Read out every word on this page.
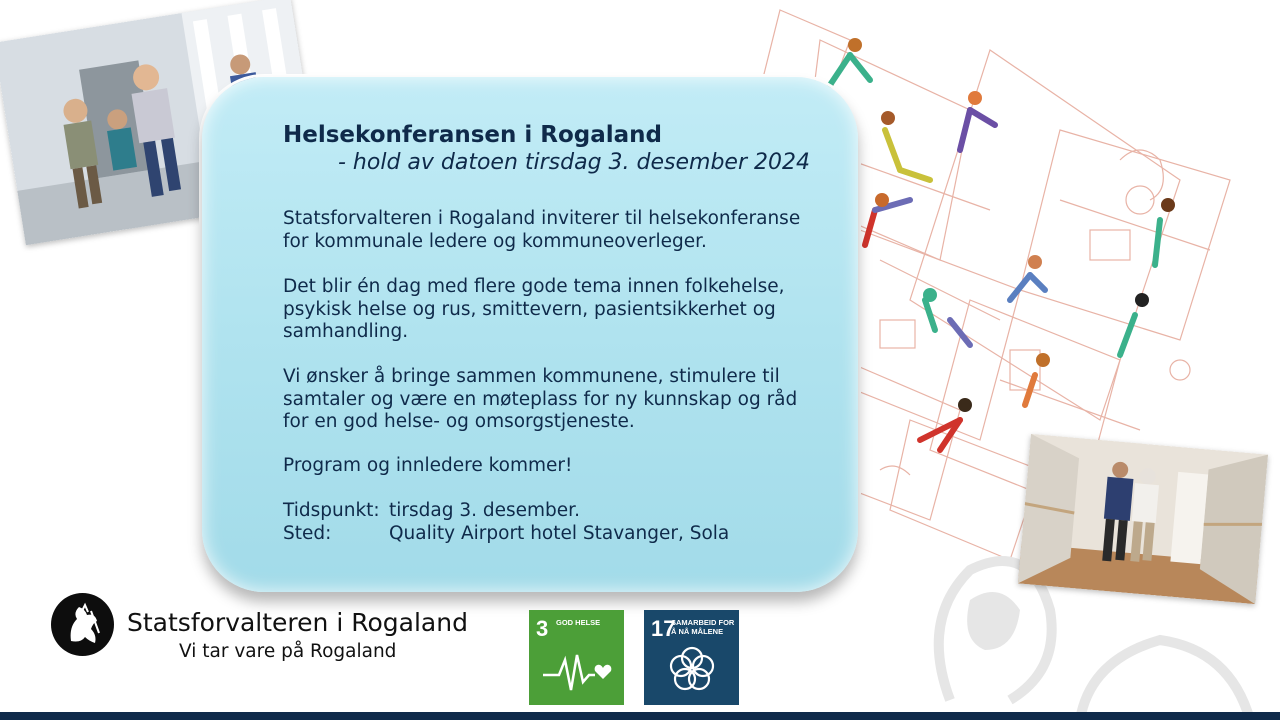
Helsekonferansen i Rogaland
- hold av datoen tirsdag 3. desember 2024
Statsforvalteren i Rogaland inviterer til helsekonferanse for kommunale ledere og kommuneoverleger.
Det blir én dag med flere gode tema innen folkehelse, psykisk helse og rus, smittevern, pasientsikkerhet og samhandling.
Vi ønsker å bringe sammen kommunene, stimulere til samtaler og være en møteplass for ny kunnskap og råd for en god helse- og omsorgstjeneste.
Program og innledere kommer!
Tidspunkt: tirsdag 3. desember.
Sted:	Quality Airport hotel Stavanger, Sola
Statsforvalteren i Rogaland
Vi tar vare på Rogaland
3 GOD HELSE	17
SAMARBEID FOR Å NÅ MÅLENE
